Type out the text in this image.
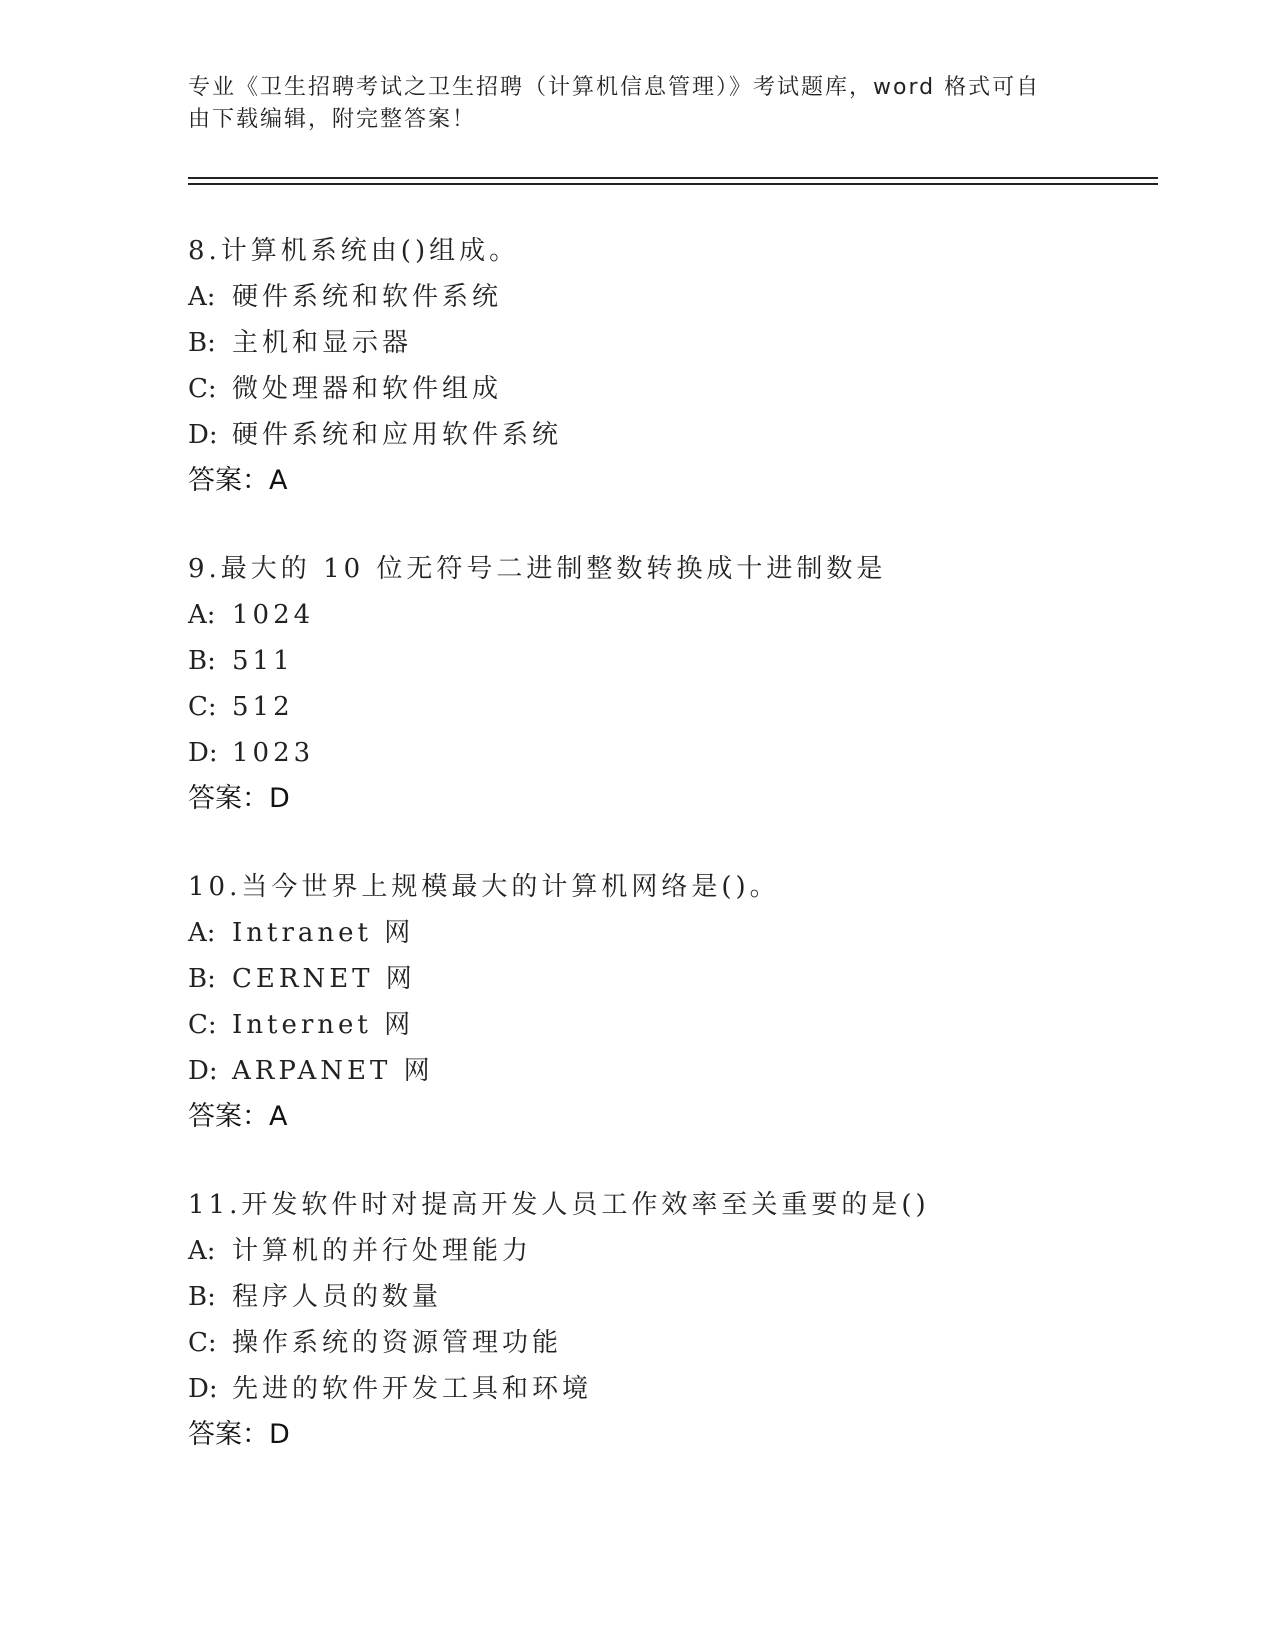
专业《卫生招聘考试之卫生招聘（计算机信息管理）》考试题库，word 格式可自
由下载编辑，附完整答案！
8.计算机系统由()组成。
A: 硬件系统和软件系统
B: 主机和显示器
C: 微处理器和软件组成
D: 硬件系统和应用软件系统
答案：A
9.最大的 10 位无符号二进制整数转换成十进制数是
A: 1024
B: 511
C: 512
D: 1023
答案：D
10.当今世界上规模最大的计算机网络是()。
A: Intranet 网
B: CERNET 网
C: Internet 网
D: ARPANET 网
答案：A
11.开发软件时对提高开发人员工作效率至关重要的是()
A: 计算机的并行处理能力
B: 程序人员的数量
C: 操作系统的资源管理功能
D: 先进的软件开发工具和环境
答案：D
